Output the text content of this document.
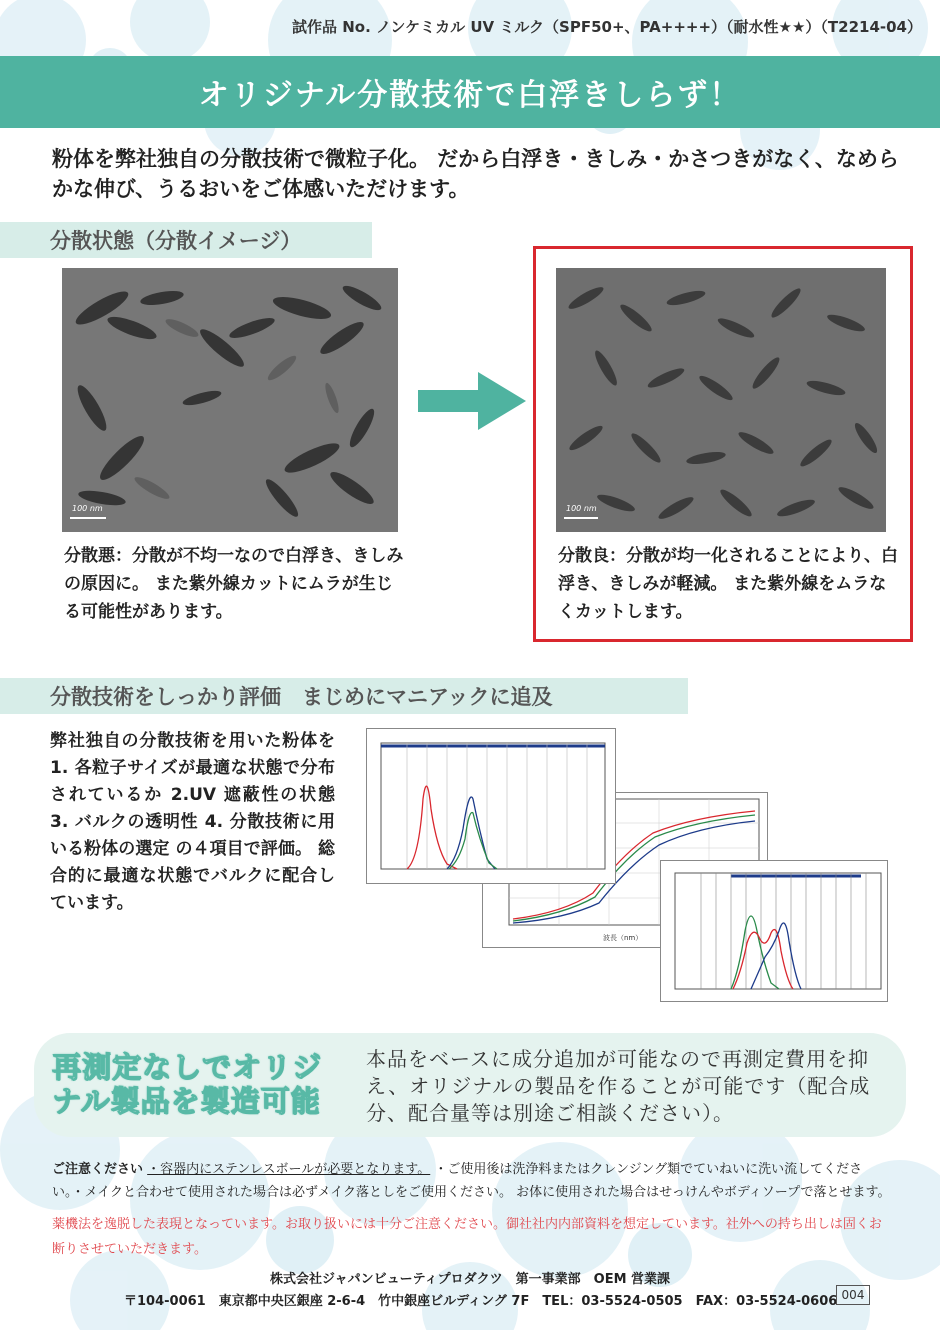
試作品 No. ノンケミカル UV ミルク（SPF50+、PA++++）（耐水性★★）（T2214-04）
オリジナル分散技術で白浮きしらず！

粉体を弊社独自の分散技術で微粒子化。 だから白浮き・きしみ・かさつきがなく、なめらかな伸び、うるおいをご体感いただけます。

分散状態（分散イメージ）
100 nm	100 nm

分散悪：分散が不均一なので白浮き、きしみの原因に。 また紫外線カットにムラが生じる可能性があります。

分散良：分散が均一化されることにより、白浮き、きしみが軽減。 また紫外線をムラなくカットします。

分散技術をしっかり評価　まじめにマニアックに追及

弊社独自の分散技術を用いた粉体を 1. 各粒子サイズが最適な状態で分布されているか 2.UV 遮蔽性の状態 3. バルクの透明性 4. 分散技術に用いる粉体の選定 の４項目で評価。 総合的に最適な状態でバルクに配合しています。

波長（nm）
再測定なしでオリジナル製品を製造可能
本品をベースに成分追加が可能なので再測定費用を抑え、オリジナルの製品を作ることが可能です（配合成分、配合量等は別途ご相談ください）。

ご注意ください ・容器内にステンレスボールが必要となります。 ・ご使用後は洗浄料またはクレンジング類でていねいに洗い流してください。・メイクと合わせて使用された場合は必ずメイク落としをご使用ください。 お体に使用された場合はせっけんやボディソープで落とせます。

薬機法を逸脱した表現となっています。お取り扱いには十分ご注意ください。御社社内内部資料を想定しています。社外への持ち出しは固くお断りさせていただきます。

株式会社ジャパンビューティプロダクツ　第一事業部　OEM 営業課
〒104-0061　東京都中央区銀座 2-6-4　竹中銀座ビルディング 7F　TEL：03-5524-0505　FAX：03-5524-0606 004
